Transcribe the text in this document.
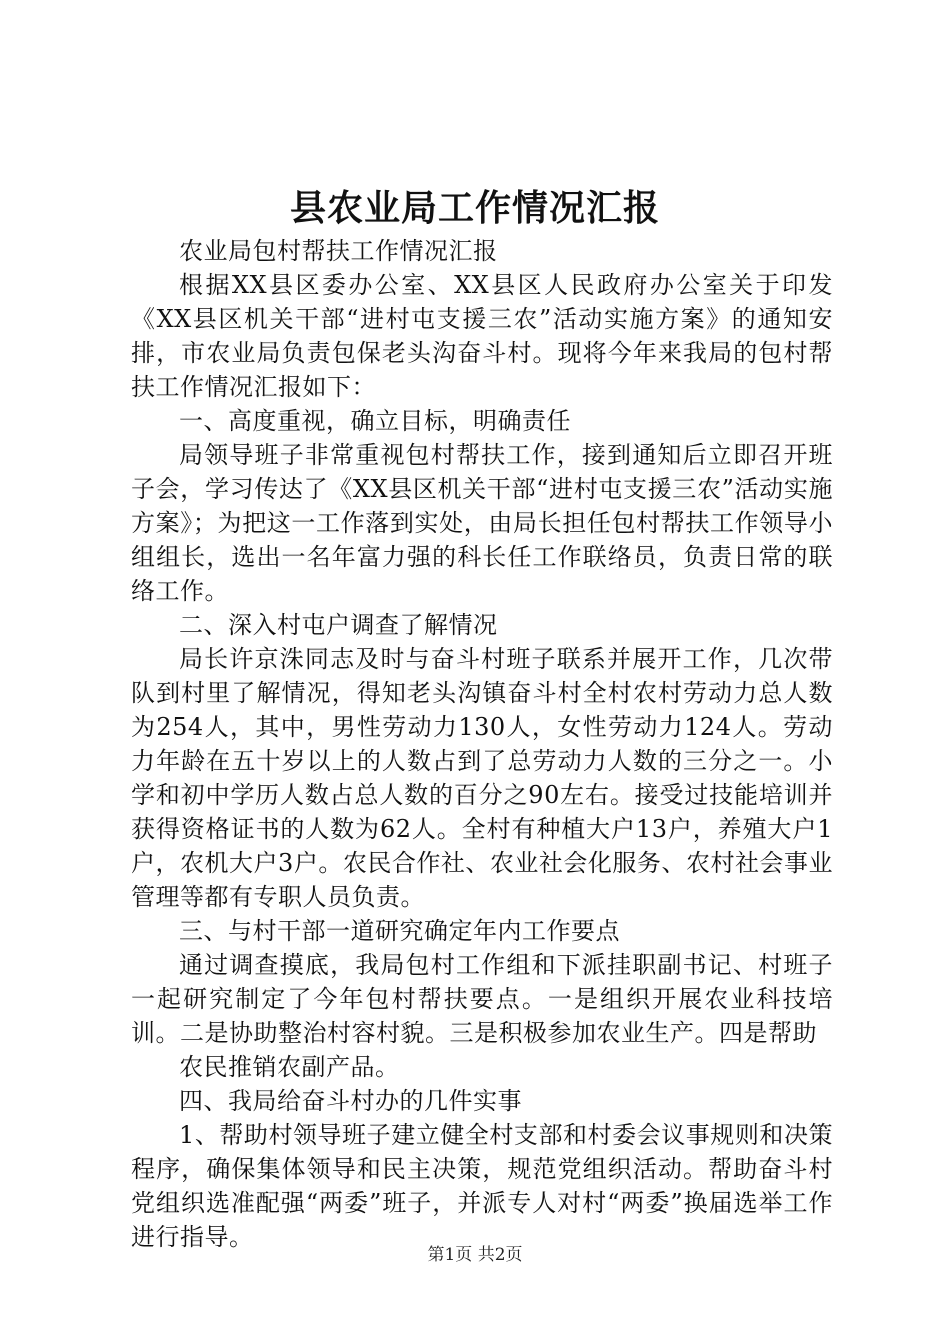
县农业局工作情况汇报

农业局包村帮扶工作情况汇报

根据XX县区委办公室、XX县区人民政府办公室关于印发《XX县区机关干部“进村屯支援三农”活动实施方案》的通知安排，市农业局负责包保老头沟奋斗村。现将今年来我局的包村帮扶工作情况汇报如下：

一、高度重视，确立目标，明确责任

局领导班子非常重视包村帮扶工作，接到通知后立即召开班子会，学习传达了《XX县区机关干部“进村屯支援三农”活动实施方案》；为把这一工作落到实处，由局长担任包村帮扶工作领导小组组长，选出一名年富力强的科长任工作联络员，负责日常的联络工作。

二、深入村屯户调查了解情况

局长许京洙同志及时与奋斗村班子联系并展开工作，几次带队到村里了解情况，得知老头沟镇奋斗村全村农村劳动力总人数为254人，其中，男性劳动力130人，女性劳动力124人。劳动力年龄在五十岁以上的人数占到了总劳动力人数的三分之一。小学和初中学历人数占总人数的百分之90左右。接受过技能培训并获得资格证书的人数为62人。全村有种植大户13户，养殖大户1户，农机大户3户。农民合作社、农业社会化服务、农村社会事业管理等都有专职人员负责。

三、与村干部一道研究确定年内工作要点

通过调查摸底，我局包村工作组和下派挂职副书记、村班子一起研究制定了今年包村帮扶要点。一是组织开展农业科技培训。二是协助整治村容村貌。三是积极参加农业生产。四是帮助

农民推销农副产品。

四、我局给奋斗村办的几件实事

1、帮助村领导班子建立健全村支部和村委会议事规则和决策程序，确保集体领导和民主决策，规范党组织活动。帮助奋斗村党组织选准配强“两委”班子，并派专人对村“两委”换届选举工作进行指导。

第1页 共2页
